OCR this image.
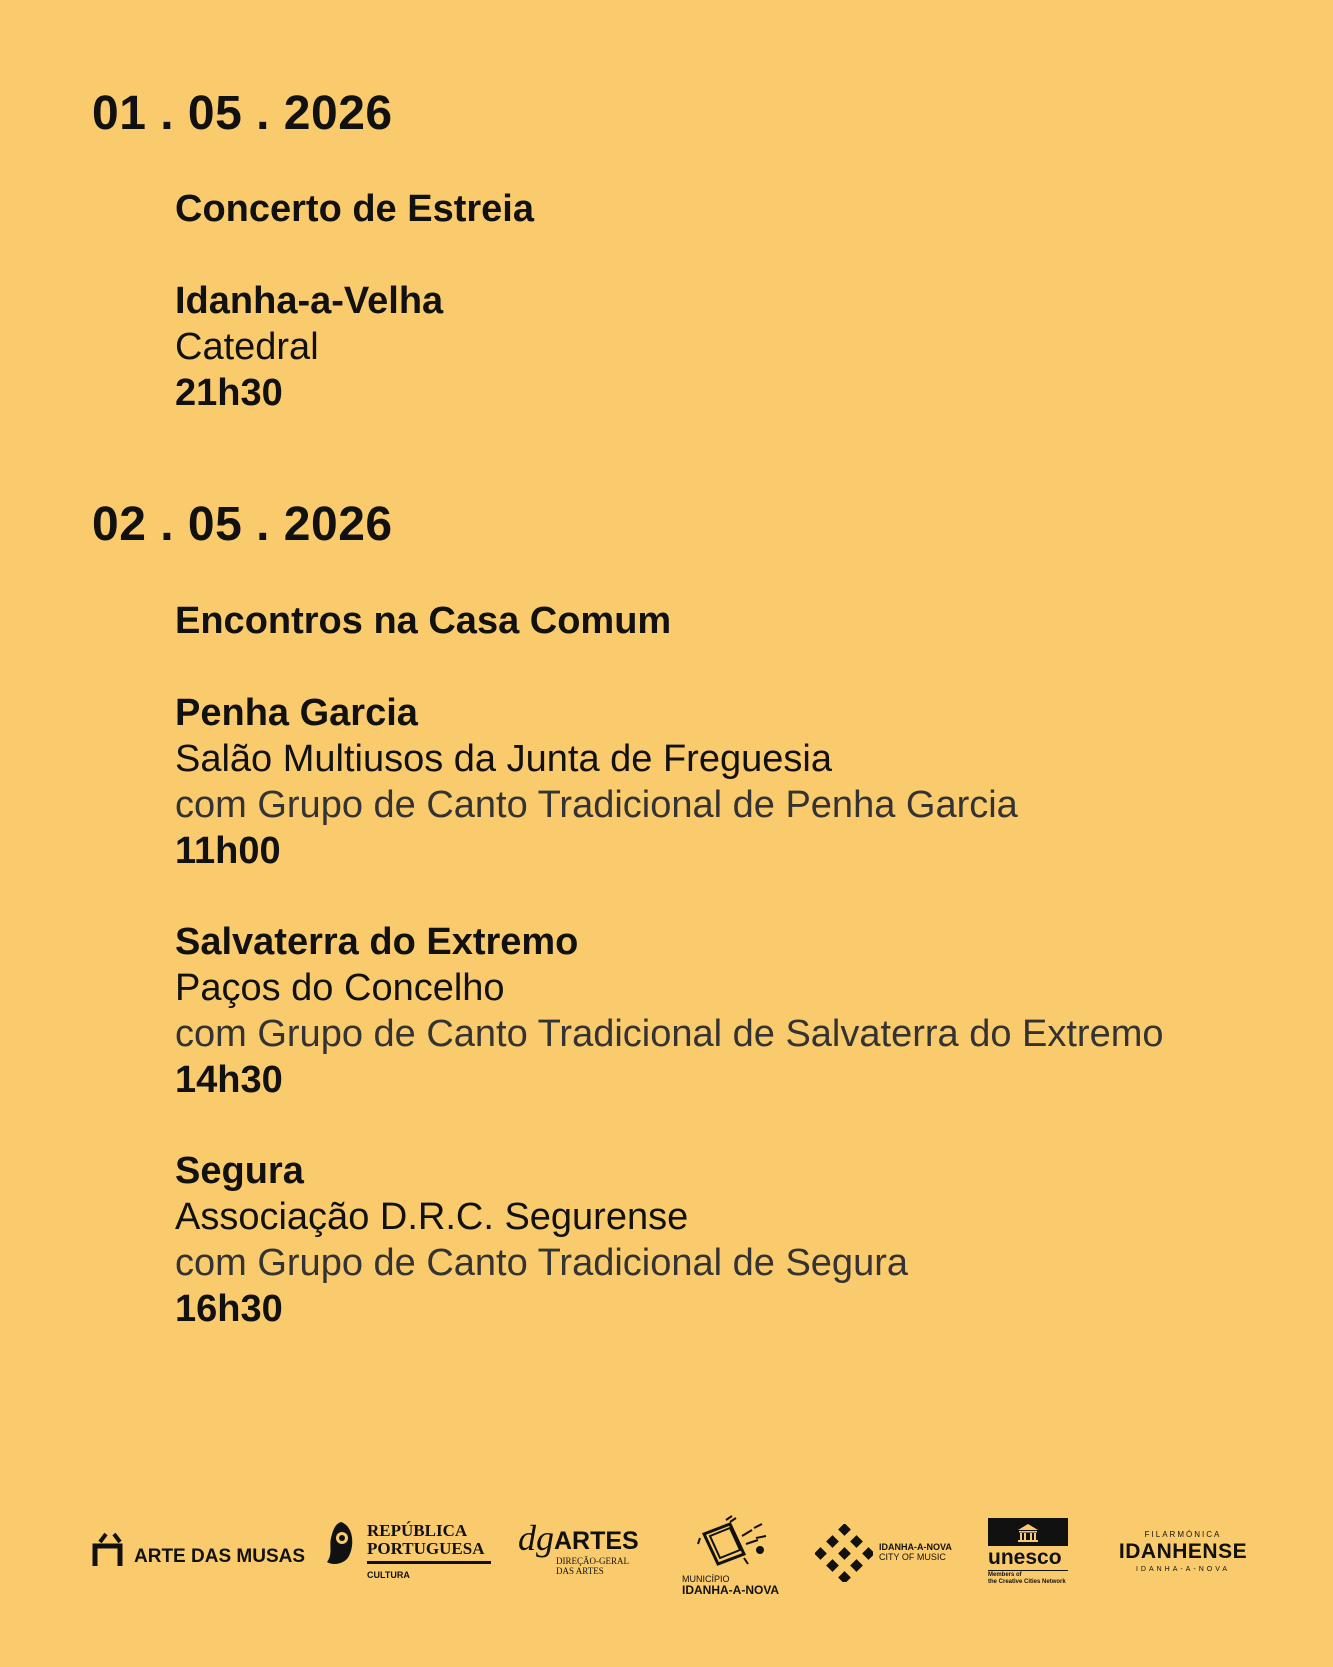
01 . 05 . 2026
Concerto de Estreia
Idanha-a-Velha
Catedral
21h30
02 . 05 . 2026
Encontros na Casa Comum
Penha Garcia
Salão Multiusos da Junta de Freguesia
com Grupo de Canto Tradicional de Penha Garcia
11h00
Salvaterra do Extremo
Paços do Concelho
com Grupo de Canto Tradicional de Salvaterra do Extremo
14h30
Segura
Associação D.R.C. Segurense
com Grupo de Canto Tradicional de Segura
16h30
ARTE DAS MUSAS
REPÚBLICA
PORTUGUESA
CULTURA
dg ARTES
DIREÇÃO-GERAL
DAS ARTES
MUNICÍPIO
IDANHA-A-NOVA
IDANHA-A-NOVA
CITY OF MUSIC unesco
Members of
the Creative Cities Network
FILARMÓNICA
IDANHENSE
IDANHA-A-NOVA
